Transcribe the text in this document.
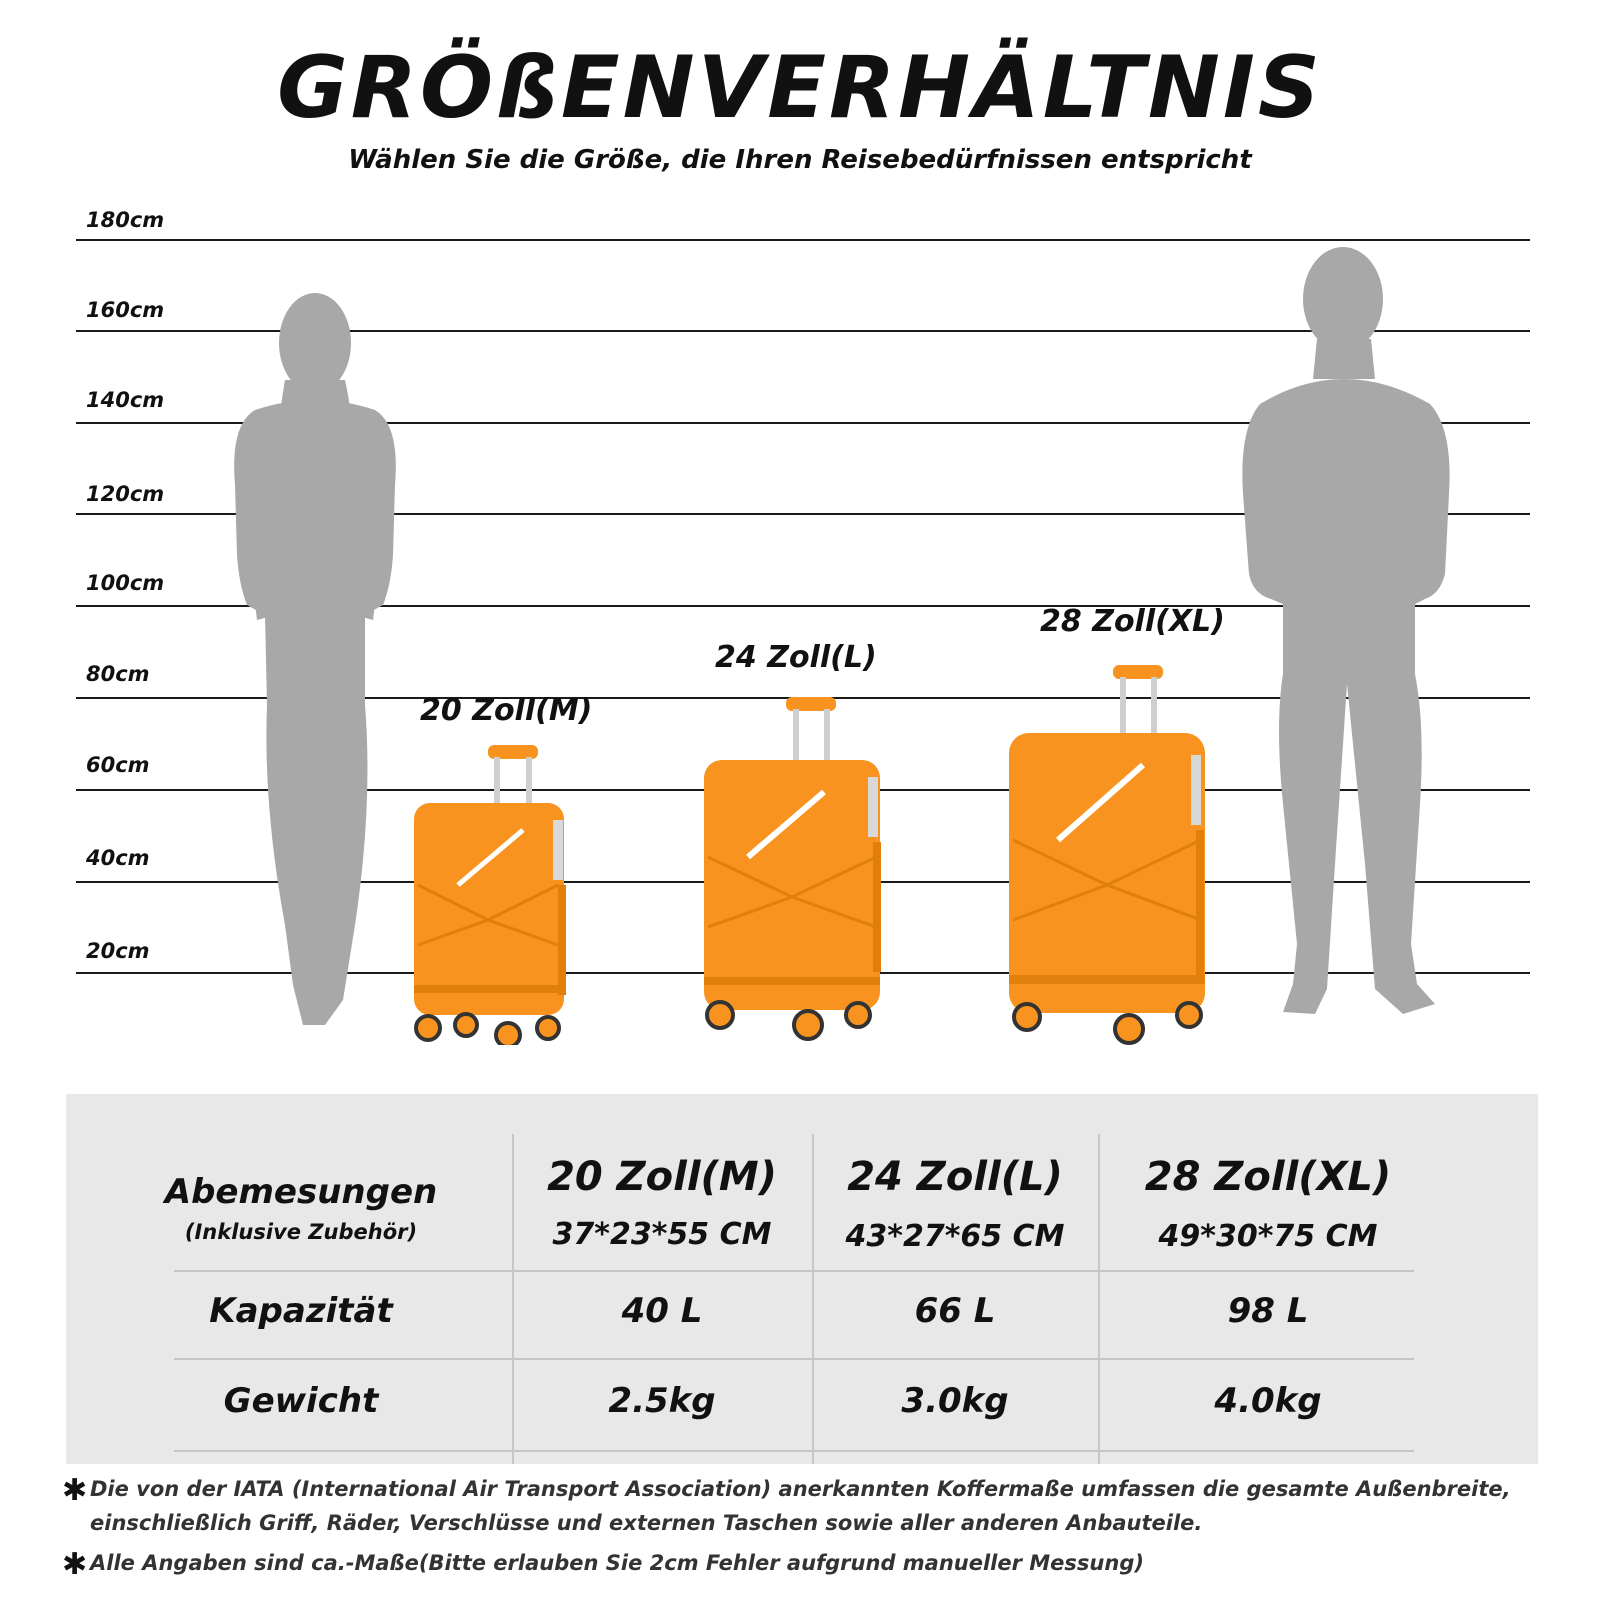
GRÖßENVERHÄLTNIS
Wählen Sie die Größe, die Ihren Reisebedürfnissen entspricht
180cm
160cm
140cm
120cm
100cm
80cm
60cm
40cm
20cm
20 Zoll(M)
24 Zoll(L)
28 Zoll(XL)
Abemesungen
(Inklusive Zubehör)
Kapazität
Gewicht
20 Zoll(M)
37*23*55 CM
40 L
2.5kg
24 Zoll(L)
43*27*65 CM
66 L
3.0kg
28 Zoll(XL)
49*30*75 CM
98 L
4.0kg
✱ Die von der IATA (International Air Transport Association) anerkannten Koffermaße umfassen die gesamte Außenbreite,
einschließlich Griff, Räder, Verschlüsse und externen Taschen sowie aller anderen Anbauteile.
✱ Alle Angaben sind ca.-Maße(Bitte erlauben Sie 2cm Fehler aufgrund manueller Messung)
